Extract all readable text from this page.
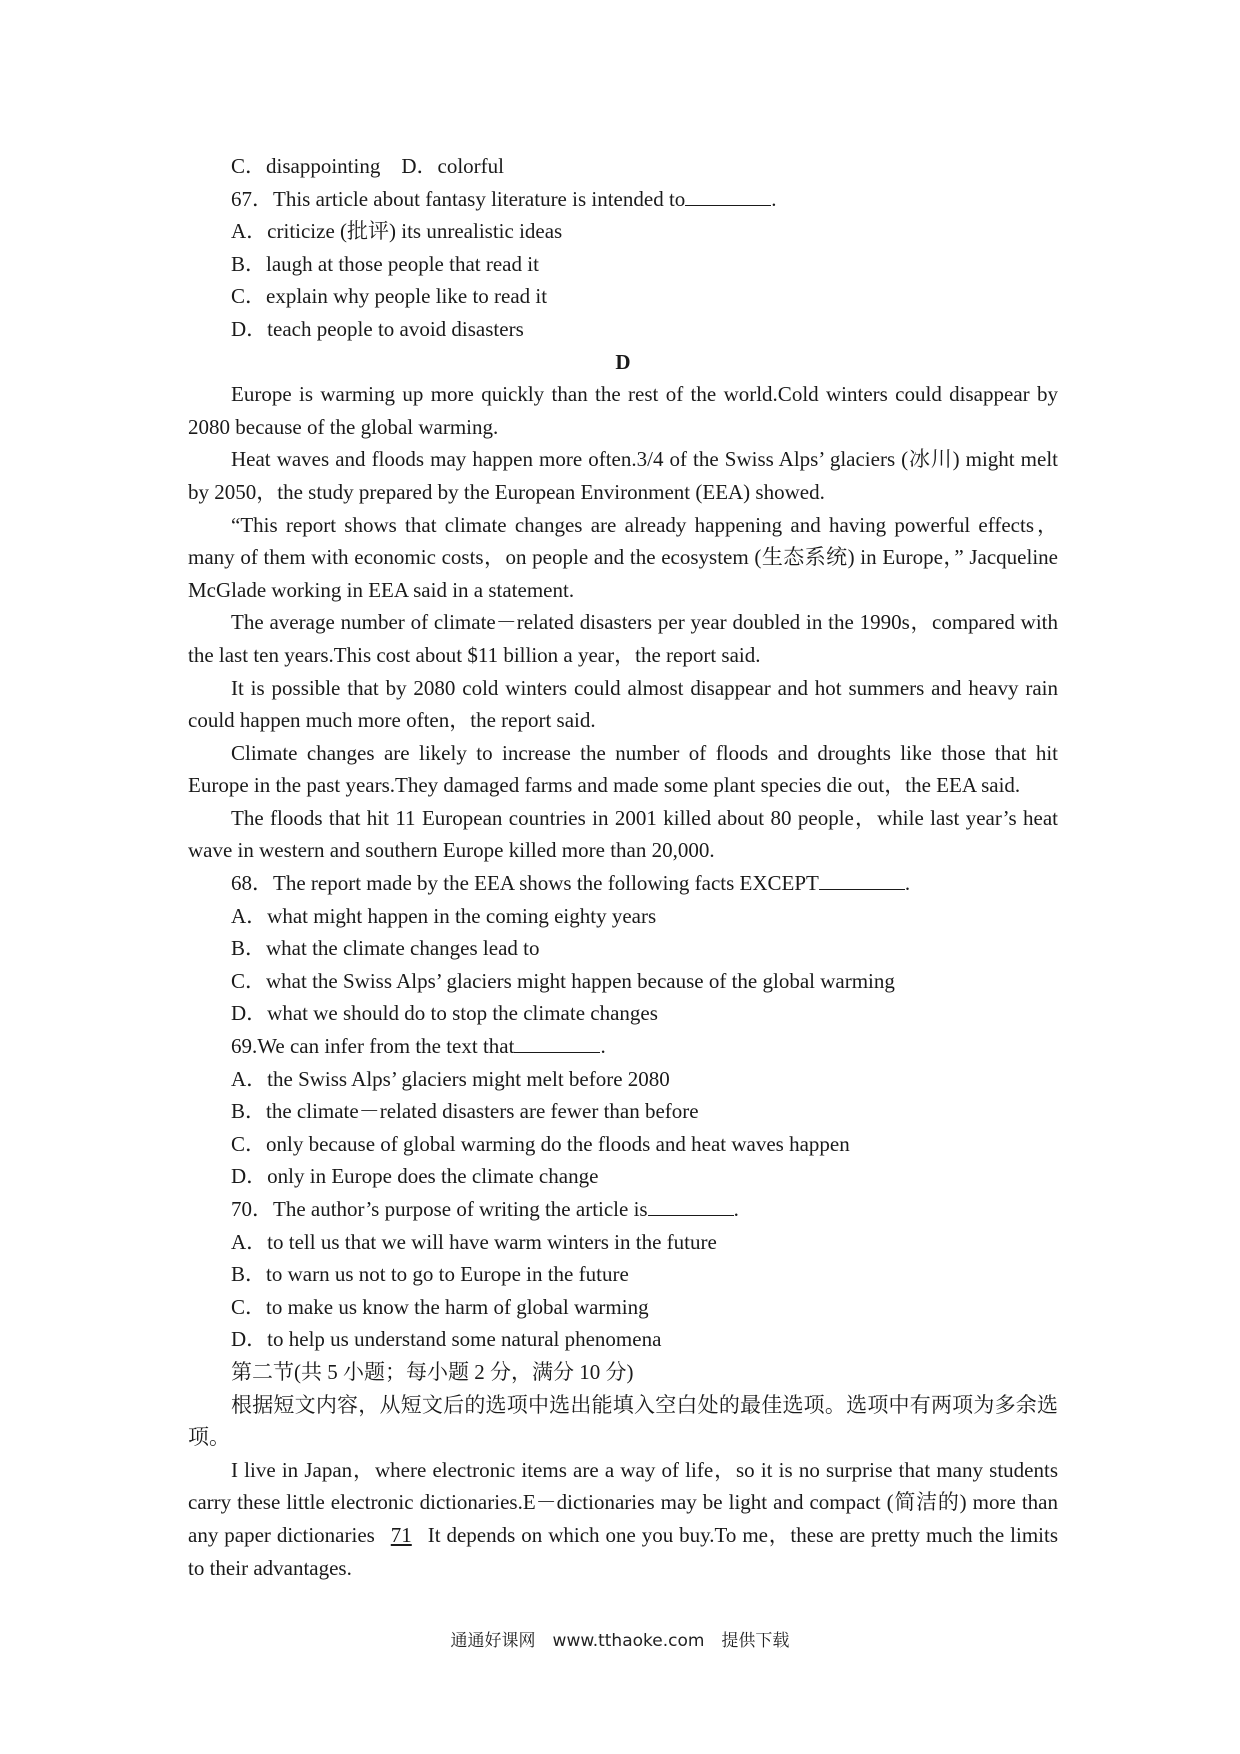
C．disappointing　D．colorful
67．This article about fantasy literature is intended to	.
A．criticize (批评) its unrealistic ideas
B．laugh at those people that read it
C．explain why people like to read it
D．teach people to avoid disasters
D

Europe is warming up more quickly than the rest of the world.Cold winters could disappear by 2080 because of the global warming.

Heat waves and floods may happen more often.3/4 of the Swiss Alps’ glaciers (冰川) might melt by 2050，the study prepared by the European Environment (EEA) showed.

“This report shows that climate changes are already happening and having powerful effects，many of them with economic costs，on people and the ecosystem (生态系统) in Europe，” Jacqueline McGlade working in EEA said in a statement.

The average number of climate－related disasters per year doubled in the 1990s，compared with the last ten years.This cost about $11 billion a year，the report said.

It is possible that by 2080 cold winters could almost disappear and hot summers and heavy rain could happen much more often，the report said.

Climate changes are likely to increase the number of floods and droughts like those that hit Europe in the past years.They damaged farms and made some plant species die out，the EEA said.

The floods that hit 11 European countries in 2001 killed about 80 people，while last year’s heat wave in western and southern Europe killed more than 20,000.

68．The report made by the EEA shows the following facts EXCEPT	.
A．what might happen in the coming eighty years
B．what the climate changes lead to
C．what the Swiss Alps’ glaciers might happen because of the global warming
D．what we should do to stop the climate changes
69.We can infer from the text that	.
A．the Swiss Alps’ glaciers might melt before 2080
B．the climate－related disasters are fewer than before
C．only because of global warming do the floods and heat waves happen
D．only in Europe does the climate change
70．The author’s purpose of writing the article is	.
A．to tell us that we will have warm winters in the future
B．to warn us not to go to Europe in the future
C．to make us know the harm of global warming
D．to help us understand some natural phenomena
第二节(共 5 小题；每小题 2 分，满分 10 分)

根据短文内容，从短文后的选项中选出能填入空白处的最佳选项。选项中有两项为多余选项。

I live in Japan，where electronic items are a way of life，so it is no surprise that many students carry these little electronic dictionaries.E－dictionaries may be light and compact (简洁的) more than any paper dictionaries 71 It depends on which one you buy.To me，these are pretty much the limits to their advantages.

通通好课网　www.tthaoke.com　提供下载
